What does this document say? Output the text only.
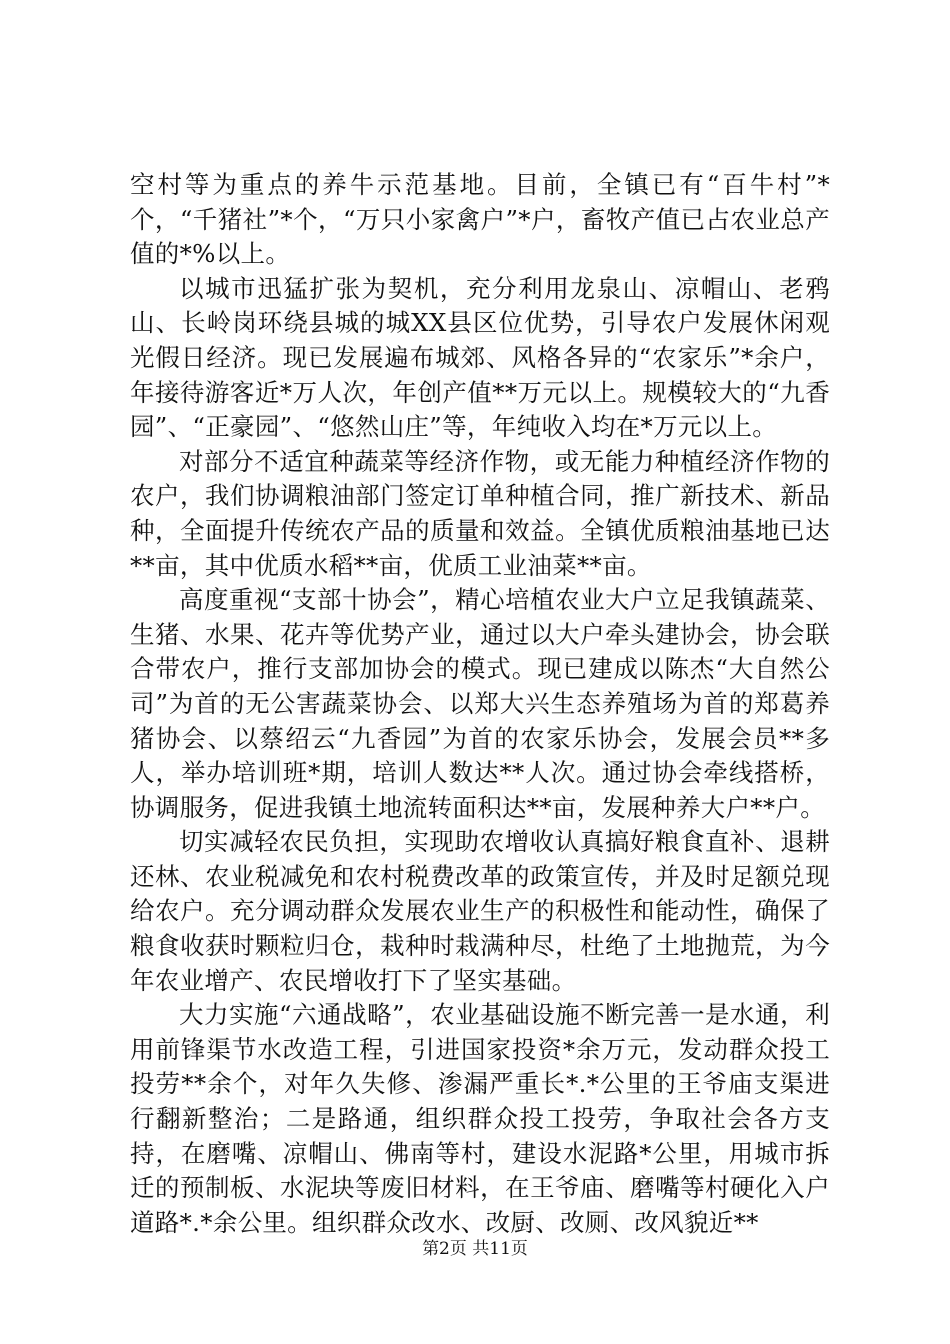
空村等为重点的养牛示范基地。目前，全镇已有“百牛村”*个，“千猪社”*个，“万只小家禽户”*户，畜牧产值已占农业总产值的*%以上。

以城市迅猛扩张为契机，充分利用龙泉山、凉帽山、老鸦山、长岭岗环绕县城的城XX县区位优势，引导农户发展休闲观光假日经济。现已发展遍布城郊、风格各异的“农家乐”*余户，年接待游客近*万人次，年创产值**万元以上。规模较大的“九香园”、“正豪园”、“悠然山庄”等，年纯收入均在*万元以上。

对部分不适宜种蔬菜等经济作物，或无能力种植经济作物的农户，我们协调粮油部门签定订单种植合同，推广新技术、新品种，全面提升传统农产品的质量和效益。全镇优质粮油基地已达**亩，其中优质水稻**亩，优质工业油菜**亩。

高度重视“支部十协会”，精心培植农业大户立足我镇蔬菜、生猪、水果、花卉等优势产业，通过以大户牵头建协会，协会联合带农户，推行支部加协会的模式。现已建成以陈杰“大自然公司”为首的无公害蔬菜协会、以郑大兴生态养殖场为首的郑葛养猪协会、以蔡绍云“九香园”为首的农家乐协会，发展会员**多人，举办培训班*期，培训人数达**人次。通过协会牵线搭桥，协调服务，促进我镇土地流转面积达**亩，发展种养大户**户。

切实减轻农民负担，实现助农增收认真搞好粮食直补、退耕还林、农业税减免和农村税费改革的政策宣传，并及时足额兑现给农户。充分调动群众发展农业生产的积极性和能动性，确保了粮食收获时颗粒归仓，栽种时栽满种尽，杜绝了土地抛荒，为今年农业增产、农民增收打下了坚实基础。

大力实施“六通战略”，农业基础设施不断完善一是水通，利用前锋渠节水改造工程，引进国家投资*余万元，发动群众投工投劳**余个，对年久失修、渗漏严重长*.*公里的王爷庙支渠进行翻新整治；二是路通，组织群众投工投劳，争取社会各方支持，在磨嘴、凉帽山、佛南等村，建设水泥路*公里，用城市拆迁的预制板、水泥块等废旧材料，在王爷庙、磨嘴等村硬化入户道路*.*余公里。组织群众改水、改厨、改厕、改风貌近**

第2页 共11页
